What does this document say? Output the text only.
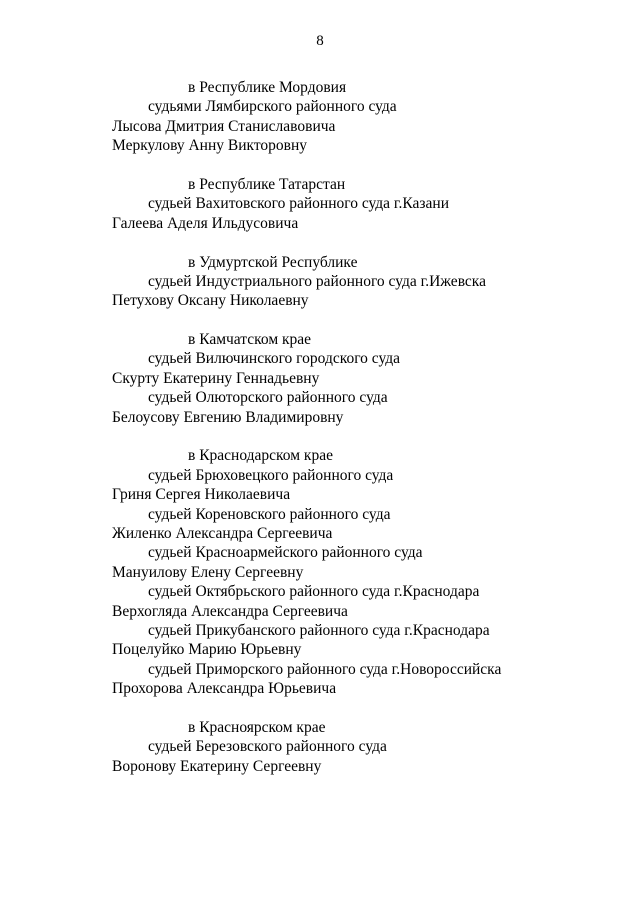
8
в Республике Мордовия
судьями Лямбирского районного суда
Лысова Дмитрия Станиславовича
Меркулову Анну Викторовну
в Республике Татарстан
судьей Вахитовского районного суда г.Казани
Галеева Аделя Ильдусовича
в Удмуртской Республике
судьей Индустриального районного суда г.Ижевска
Петухову Оксану Николаевну
в Камчатском крае
судьей Вилючинского городского суда
Скурту Екатерину Геннадьевну
судьей Олюторского районного суда
Белоусову Евгению Владимировну
в Краснодарском крае
судьей Брюховецкого районного суда
Гриня Сергея Николаевича
судьей Кореновского районного суда
Жиленко Александра Сергеевича
судьей Красноармейского районного суда
Мануилову Елену Сергеевну
судьей Октябрьского районного суда г.Краснодара
Верхогляда Александра Сергеевича
судьей Прикубанского районного суда г.Краснодара
Поцелуйко Марию Юрьевну
судьей Приморского районного суда г.Новороссийска
Прохорова Александра Юрьевича
в Красноярском крае
судьей Березовского районного суда
Воронову Екатерину Сергеевну
